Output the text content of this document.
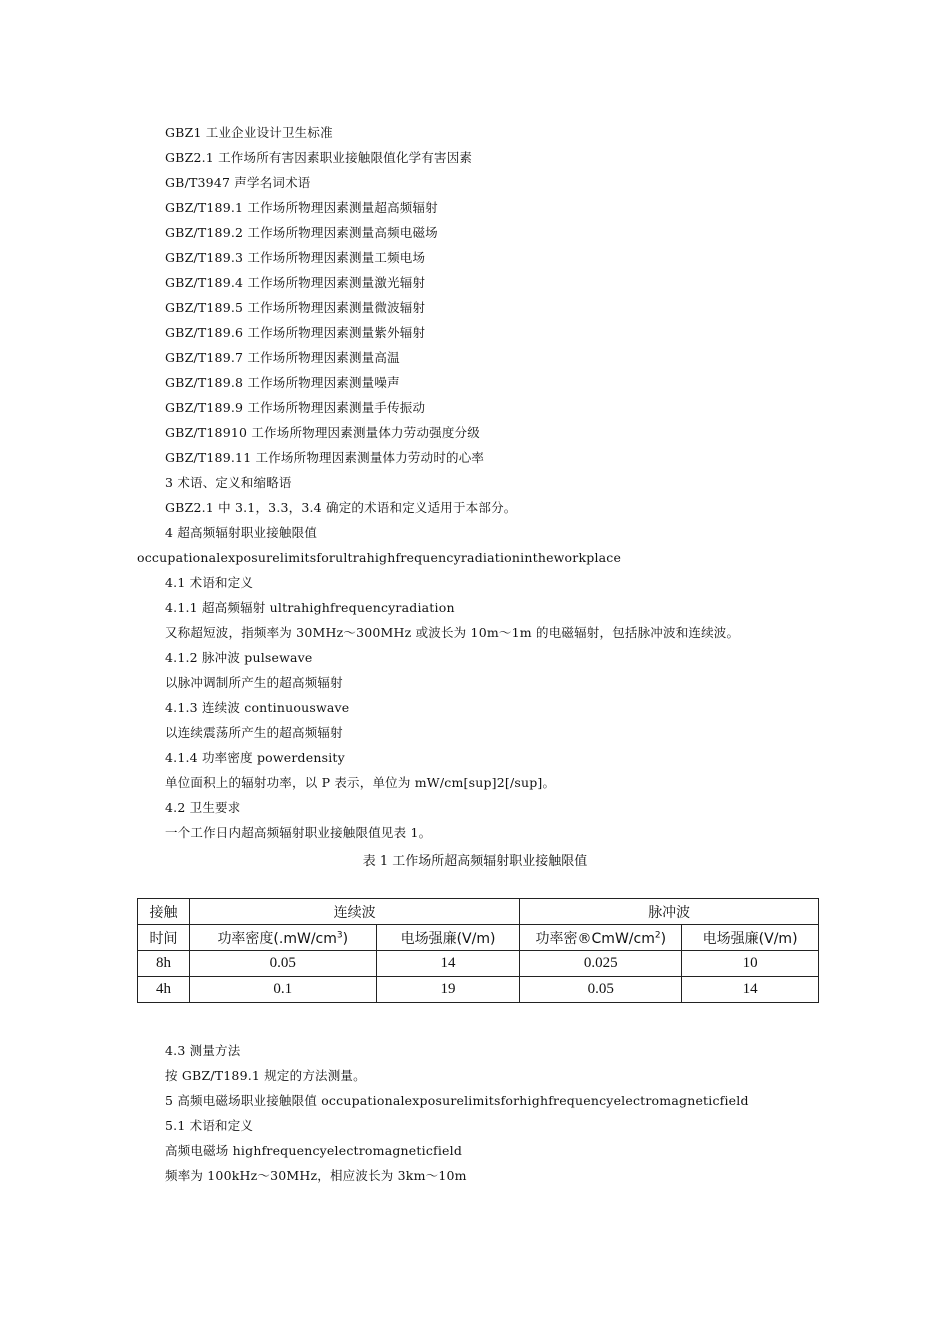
GBZ1 工业企业设计卫生标准
GBZ2.1 工作场所有害因素职业接触限值化学有害因素
GB/T3947 声学名词术语
GBZ/T189.1 工作场所物理因素测量超高频辐射
GBZ/T189.2 工作场所物理因素测量高频电磁场
GBZ/T189.3 工作场所物理因素测量工频电场
GBZ/T189.4 工作场所物理因素测量激光辐射
GBZ/T189.5 工作场所物理因素测量微波辐射
GBZ/T189.6 工作场所物理因素测量紫外辐射
GBZ/T189.7 工作场所物理因素测量高温
GBZ/T189.8 工作场所物理因素测量噪声
GBZ/T189.9 工作场所物理因素测量手传振动
GBZ/T18910 工作场所物理因素测量体力劳动强度分级
GBZ/T189.11 工作场所物理因素测量体力劳动时的心率
3 术语、定义和缩略语
GBZ2.1 中 3.1，3.3，3.4 确定的术语和定义适用于本部分。
4 超高频辐射职业接触限值
occupationalexposurelimitsforultrahighfrequencyradiationintheworkplace
4.1 术语和定义
4.1.1 超高频辐射 ultrahighfrequencyradiation
又称超短波，指频率为 30MHz～300MHz 或波长为 10m～1m 的电磁辐射，包括脉冲波和连续波。
4.1.2 脉冲波 pulsewave
以脉冲调制所产生的超高频辐射
4.1.3 连续波 continuouswave
以连续震荡所产生的超高频辐射
4.1.4 功率密度 powerdensity
单位面积上的辐射功率，以 P 表示，单位为 mW/cm[sup]2[/sup]。
4.2 卫生要求
一个工作日内超高频辐射职业接触限值见表 1。
表 1 工作场所超高频辐射职业接触限值
接触	连续波		脉冲波	
时间	功率密度$(.mW/cm^3)$	电场强廉(V/m)	功率密$®CmW/cm^2$)	电场强廉(V/m)
8h	0.05	14	0.025	10
4h	0.1	19	0.05	14
4.3 测量方法
按 GBZ/T189.1 规定的方法测量。
5 高频电磁场职业接触限值 occupationalexposurelimitsforhighfrequencyelectromagneticfield
5.1 术语和定义
高频电磁场 highfrequencyelectromagneticfield
频率为 100kHz～30MHz，相应波长为 3km～10m
